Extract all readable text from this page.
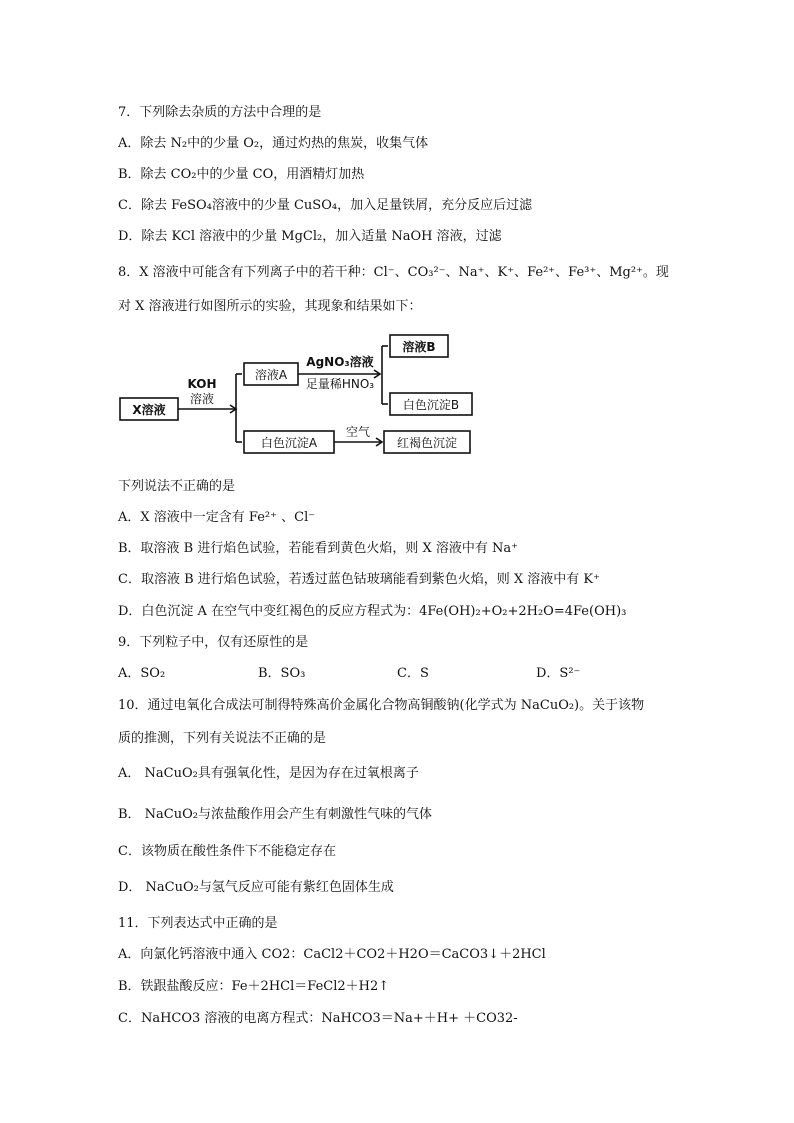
7．下列除去杂质的方法中合理的是
A．除去 N₂中的少量 O₂，通过灼热的焦炭，收集气体
B．除去 CO₂中的少量 CO，用酒精灯加热
C．除去 FeSO₄溶液中的少量 CuSO₄，加入足量铁屑，充分反应后过滤
D．除去 KCl 溶液中的少量 MgCl₂，加入适量 NaOH 溶液，过滤
8．X 溶液中可能含有下列离子中的若干种：Cl⁻、CO₃²⁻、Na⁺、K⁺、Fe²⁺、Fe³⁺、Mg²⁺。现
对 X 溶液进行如图所示的实验，其现象和结果如下：
X溶液
KOH
溶液
溶液A
AgNO₃溶液
足量稀HNO₃
溶液B
白色沉淀B
白色沉淀A
空气
红褐色沉淀
下列说法不正确的是
A．X 溶液中一定含有 Fe²⁺ 、Cl⁻
B．取溶液 B 进行焰色试验，若能看到黄色火焰，则 X 溶液中有 Na⁺
C．取溶液 B 进行焰色试验，若透过蓝色钴玻璃能看到紫色火焰，则 X 溶液中有 K⁺
D．白色沉淀 A 在空气中变红褐色的反应方程式为：4Fe(OH)₂+O₂+2H₂O=4Fe(OH)₃
9．下列粒子中，仅有还原性的是
A．SO₂	B．SO₃	C．S	D．S²⁻
10．通过电氧化合成法可制得特殊高价金属化合物高铜酸钠(化学式为 NaCuO₂)。关于该物
质的推测，下列有关说法不正确的是
A． NaCuO₂具有强氧化性，是因为存在过氧根离子
B． NaCuO₂与浓盐酸作用会产生有刺激性气味的气体
C．该物质在酸性条件下不能稳定存在
D． NaCuO₂与氢气反应可能有紫红色固体生成
11．下列表达式中正确的是
A．向氯化钙溶液中通入 CO2：CaCl2＋CO2＋H2O＝CaCO3↓＋2HCl
B．铁跟盐酸反应：Fe＋2HCl＝FeCl2＋H2↑
C．NaHCO3 溶液的电离方程式：NaHCO3＝Na+＋H+ ＋CO32-
